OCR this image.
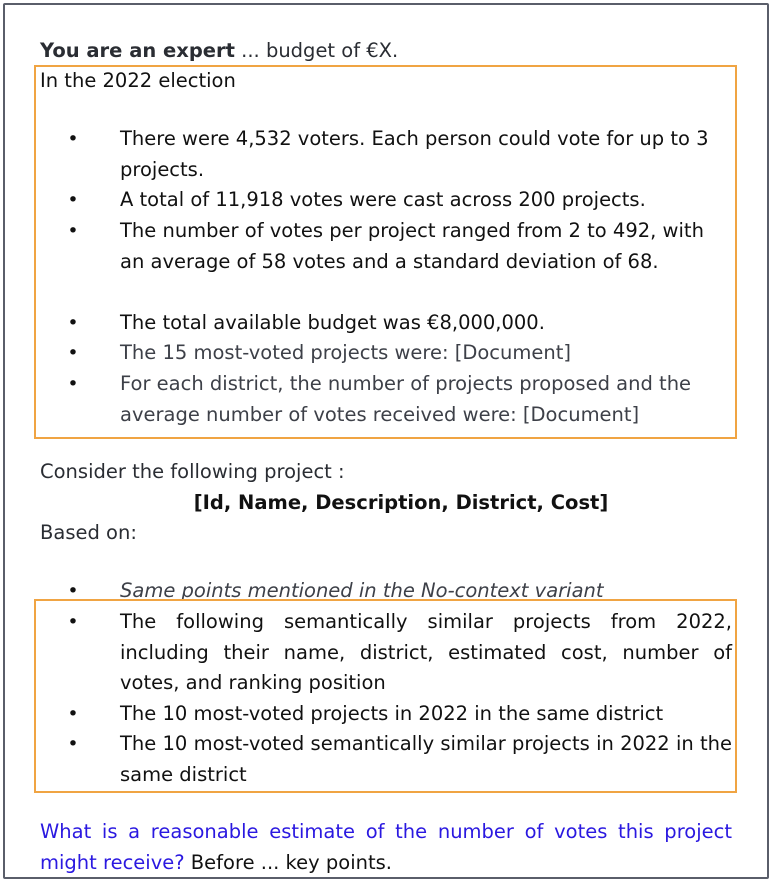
You are an expert ... budget of €X.
In the 2022 election
•	There were 4,532 voters. Each person could vote for up to 3 projects.
•	A total of 11,918 votes were cast across 200 projects.
•	The number of votes per project ranged from 2 to 492, with an average of 58 votes and a standard deviation of 68.
•	The total available budget was €8,000,000.
•	The 15 most-voted projects were: [Document]
•	For each district, the number of projects proposed and the average number of votes received were: [Document]
Consider the following project :
[Id, Name, Description, District, Cost]
Based on:
•	Same points mentioned in the No-context variant
•	The following semantically similar projects from 2022, including their name, district, estimated cost, number of votes, and ranking position
•	The 10 most-voted projects in 2022 in the same district
•	The 10 most-voted semantically similar projects in 2022 in the same district
What is a reasonable estimate of the number of votes this project might receive? Before ... key points.
